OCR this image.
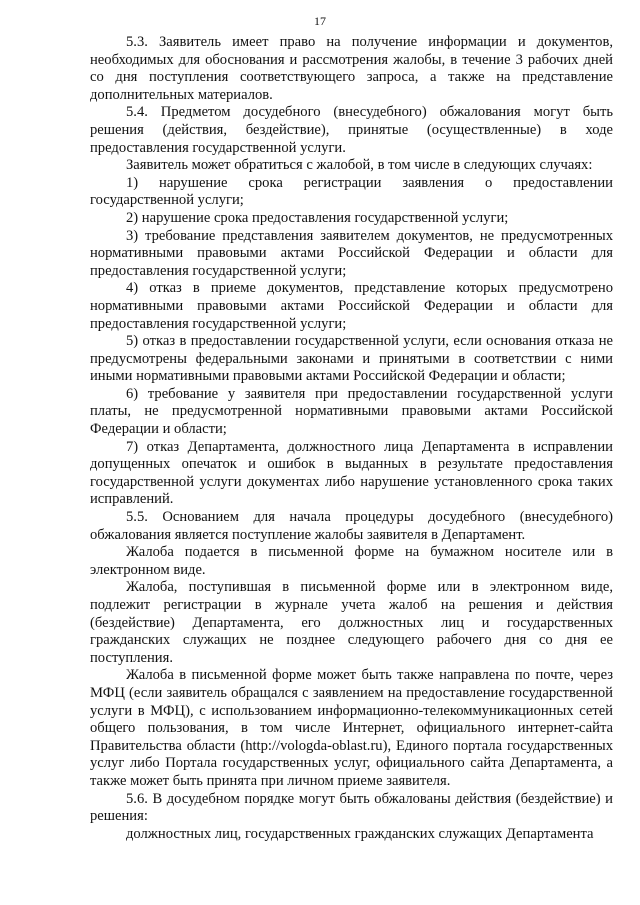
17

5.3. Заявитель имеет право на получение информации и документов, необходимых для обоснования и рассмотрения жалобы, в течение 3 рабочих дней со дня поступления соответствующего запроса, а также на представление дополнительных материалов.

5.4. Предметом досудебного (внесудебного) обжалования могут быть решения (действия, бездействие), принятые (осуществленные) в ходе предоставления государственной услуги.

Заявитель может обратиться с жалобой, в том числе в следующих случаях:

1) нарушение срока регистрации заявления о предоставлении государственной услуги;

2) нарушение срока предоставления государственной услуги;

3) требование представления заявителем документов, не предусмотренных нормативными правовыми актами Российской Федерации и области для предоставления государственной услуги;

4) отказ в приеме документов, представление которых предусмотрено нормативными правовыми актами Российской Федерации и области для предоставления государственной услуги;

5) отказ в предоставлении государственной услуги, если основания отказа не предусмотрены федеральными законами и принятыми в соответствии с ними иными нормативными правовыми актами Российской Федерации и области;

6) требование у заявителя при предоставлении государственной услуги платы, не предусмотренной нормативными правовыми актами Российской Федерации и области;

7) отказ Департамента, должностного лица Департамента в исправлении допущенных опечаток и ошибок в выданных в результате предоставления государственной услуги документах либо нарушение установленного срока таких исправлений.

5.5. Основанием для начала процедуры досудебного (внесудебного) обжалования является поступление жалобы заявителя в Департамент.

Жалоба подается в письменной форме на бумажном носителе или в электронном виде.

Жалоба, поступившая в письменной форме или в электронном виде, подлежит регистрации в журнале учета жалоб на решения и действия (бездействие) Департамента, его должностных лиц и государственных гражданских служащих не позднее следующего рабочего дня со дня ее поступления.

Жалоба в письменной форме может быть также направлена по почте, через МФЦ (если заявитель обращался с заявлением на предоставление государственной услуги в МФЦ), с использованием информационно-телекоммуникационных сетей общего пользования, в том числе Интернет, официального интернет-сайта Правительства области (http://vologda-oblast.ru), Единого портала государственных услуг либо Портала государственных услуг, официального сайта Департамента, а также может быть принята при личном приеме заявителя.

5.6. В досудебном порядке могут быть обжалованы действия (бездействие) и решения:

должностных лиц, государственных гражданских служащих Департамента
